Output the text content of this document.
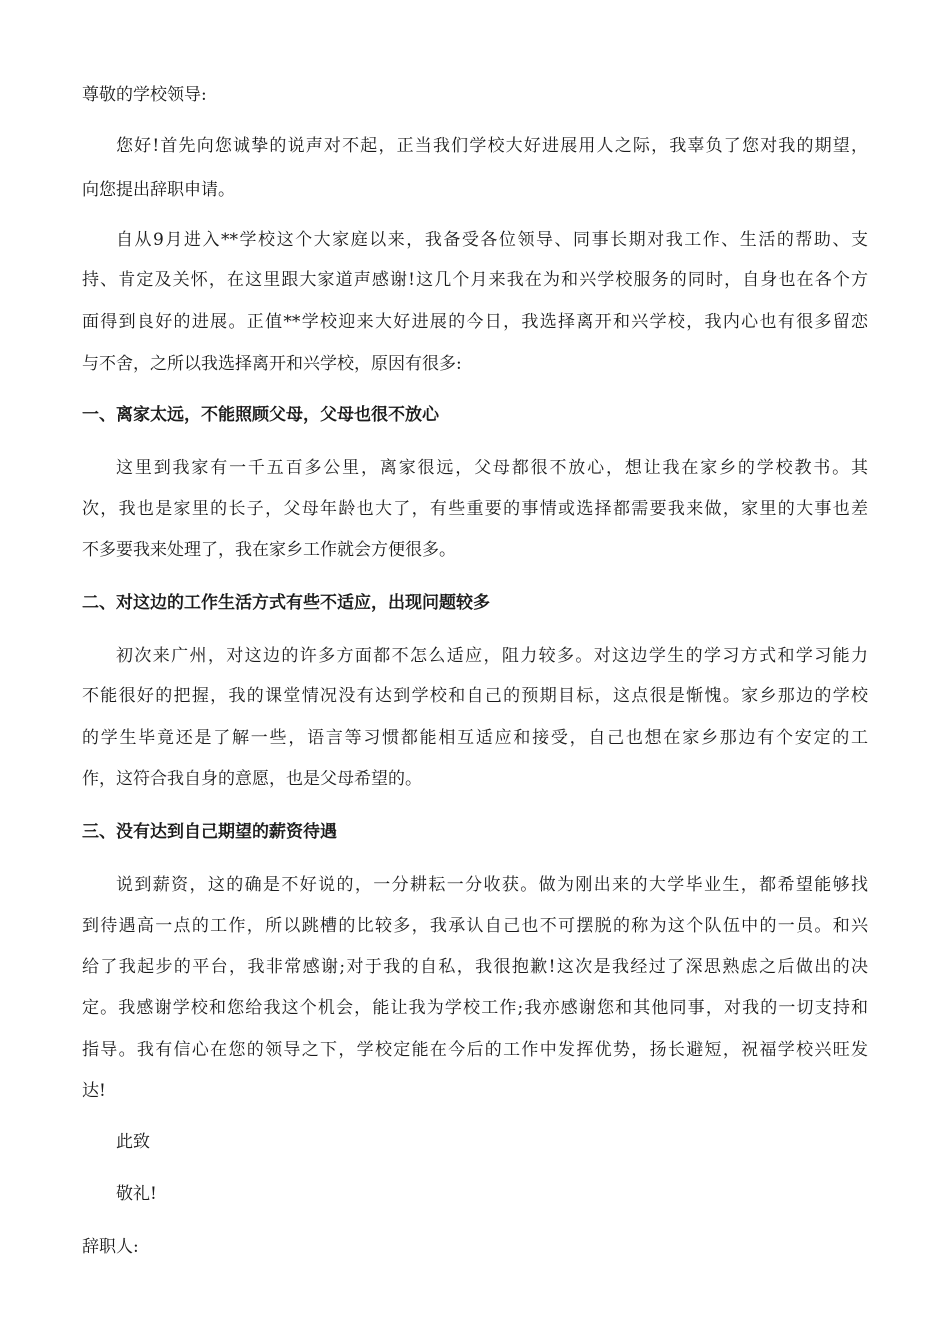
尊敬的学校领导:

您好!首先向您诚挚的说声对不起，正当我们学校大好进展用人之际，我辜负了您对我的期望，

向您提出辞职申请。

自从9月进入**学校这个大家庭以来，我备受各位领导、同事长期对我工作、生活的帮助、支

持、肯定及关怀，在这里跟大家道声感谢!这几个月来我在为和兴学校服务的同时，自身也在各个方

面得到良好的进展。正值**学校迎来大好进展的今日，我选择离开和兴学校，我内心也有很多留恋

与不舍，之所以我选择离开和兴学校，原因有很多:

一、离家太远，不能照顾父母，父母也很不放心

这里到我家有一千五百多公里，离家很远，父母都很不放心，想让我在家乡的学校教书。其

次，我也是家里的长子，父母年龄也大了，有些重要的事情或选择都需要我来做，家里的大事也差

不多要我来处理了，我在家乡工作就会方便很多。

二、对这边的工作生活方式有些不适应，出现问题较多

初次来广州，对这边的许多方面都不怎么适应，阻力较多。对这边学生的学习方式和学习能力

不能很好的把握，我的课堂情况没有达到学校和自己的预期目标，这点很是惭愧。家乡那边的学校

的学生毕竟还是了解一些，语言等习惯都能相互适应和接受，自己也想在家乡那边有个安定的工

作，这符合我自身的意愿，也是父母希望的。

三、没有达到自己期望的薪资待遇

说到薪资，这的确是不好说的，一分耕耘一分收获。做为刚出来的大学毕业生，都希望能够找

到待遇高一点的工作，所以跳槽的比较多，我承认自己也不可摆脱的称为这个队伍中的一员。和兴

给了我起步的平台，我非常感谢;对于我的自私，我很抱歉!这次是我经过了深思熟虑之后做出的决

定。我感谢学校和您给我这个机会，能让我为学校工作;我亦感谢您和其他同事，对我的一切支持和

指导。我有信心在您的领导之下，学校定能在今后的工作中发挥优势，扬长避短，祝福学校兴旺发

达!

此致

敬礼!

辞职人:
